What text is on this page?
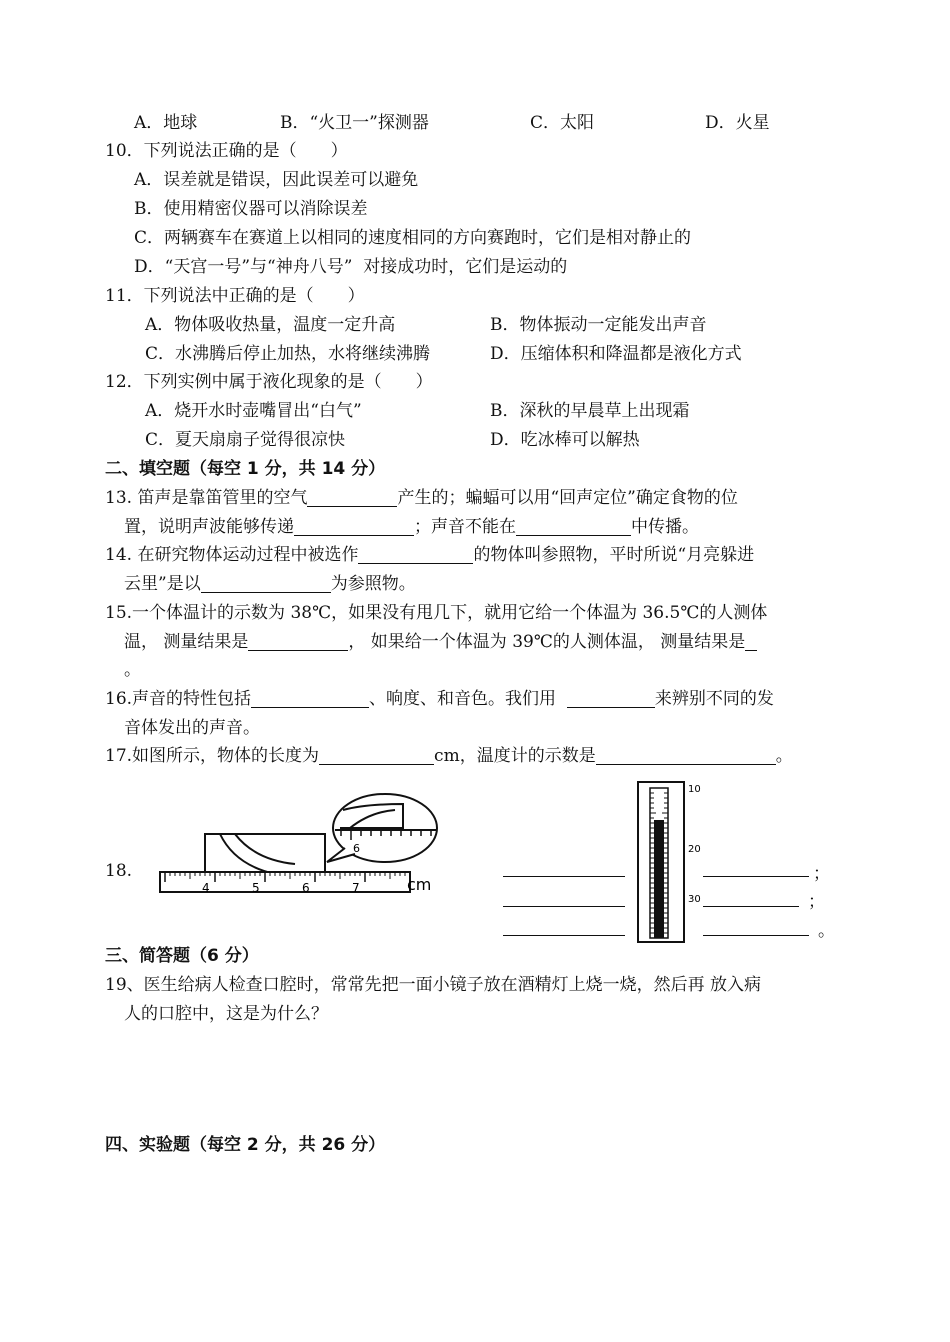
A．地球	B．“火卫一”探测器	C．太阳	D．火星
10．下列说法正确的是（　　）
A．误差就是错误，因此误差可以避免
B．使用精密仪器可以消除误差
C．两辆赛车在赛道上以相同的速度相同的方向赛跑时，它们是相对静止的
D．“天宫一号”与“神舟八号”  对接成功时，它们是运动的
11．下列说法中正确的是（　　）
A．物体吸收热量，温度一定升高	B．物体振动一定能发出声音
C．水沸腾后停止加热，水将继续沸腾	D．压缩体积和降温都是液化方式
12．下列实例中属于液化现象的是（　　）
A．烧开水时壶嘴冒出“白气”	B．深秋的早晨草上出现霜
C．夏天扇扇子觉得很凉快	D．吃冰棒可以解热
二、填空题（每空 1 分，共 14 分）
13. 笛声是靠笛管里的空气	产生的；蝙蝠可以用“回声定位”确定食物的位
置，说明声波能够传递	；声音不能在	中传播。
14. 在研究物体运动过程中被选作	的物体叫参照物，平时所说“月亮躲进
云里”是以	为参照物。
15.一个体温计的示数为 38℃，如果没有甩几下，就用它给一个体温为 36.5℃的人测体
温， 测量结果是	， 如果给一个体温为 39℃的人测体温， 测量结果是
。
16.声音的特性包括	、响度、和音色。我们用	来辨别不同的发
音体发出的声音。
17.如图所示，物体的长度为	cm，温度计的示数是	。
18.
4	5	6	7	cm
6
10
20
30
；
；
。
三、简答题（6 分）
19、医生给病人检查口腔时，常常先把一面小镜子放在酒精灯上烧一烧，然后再 放入病
人的口腔中，这是为什么？
四、实验题（每空 2 分，共 26 分）
